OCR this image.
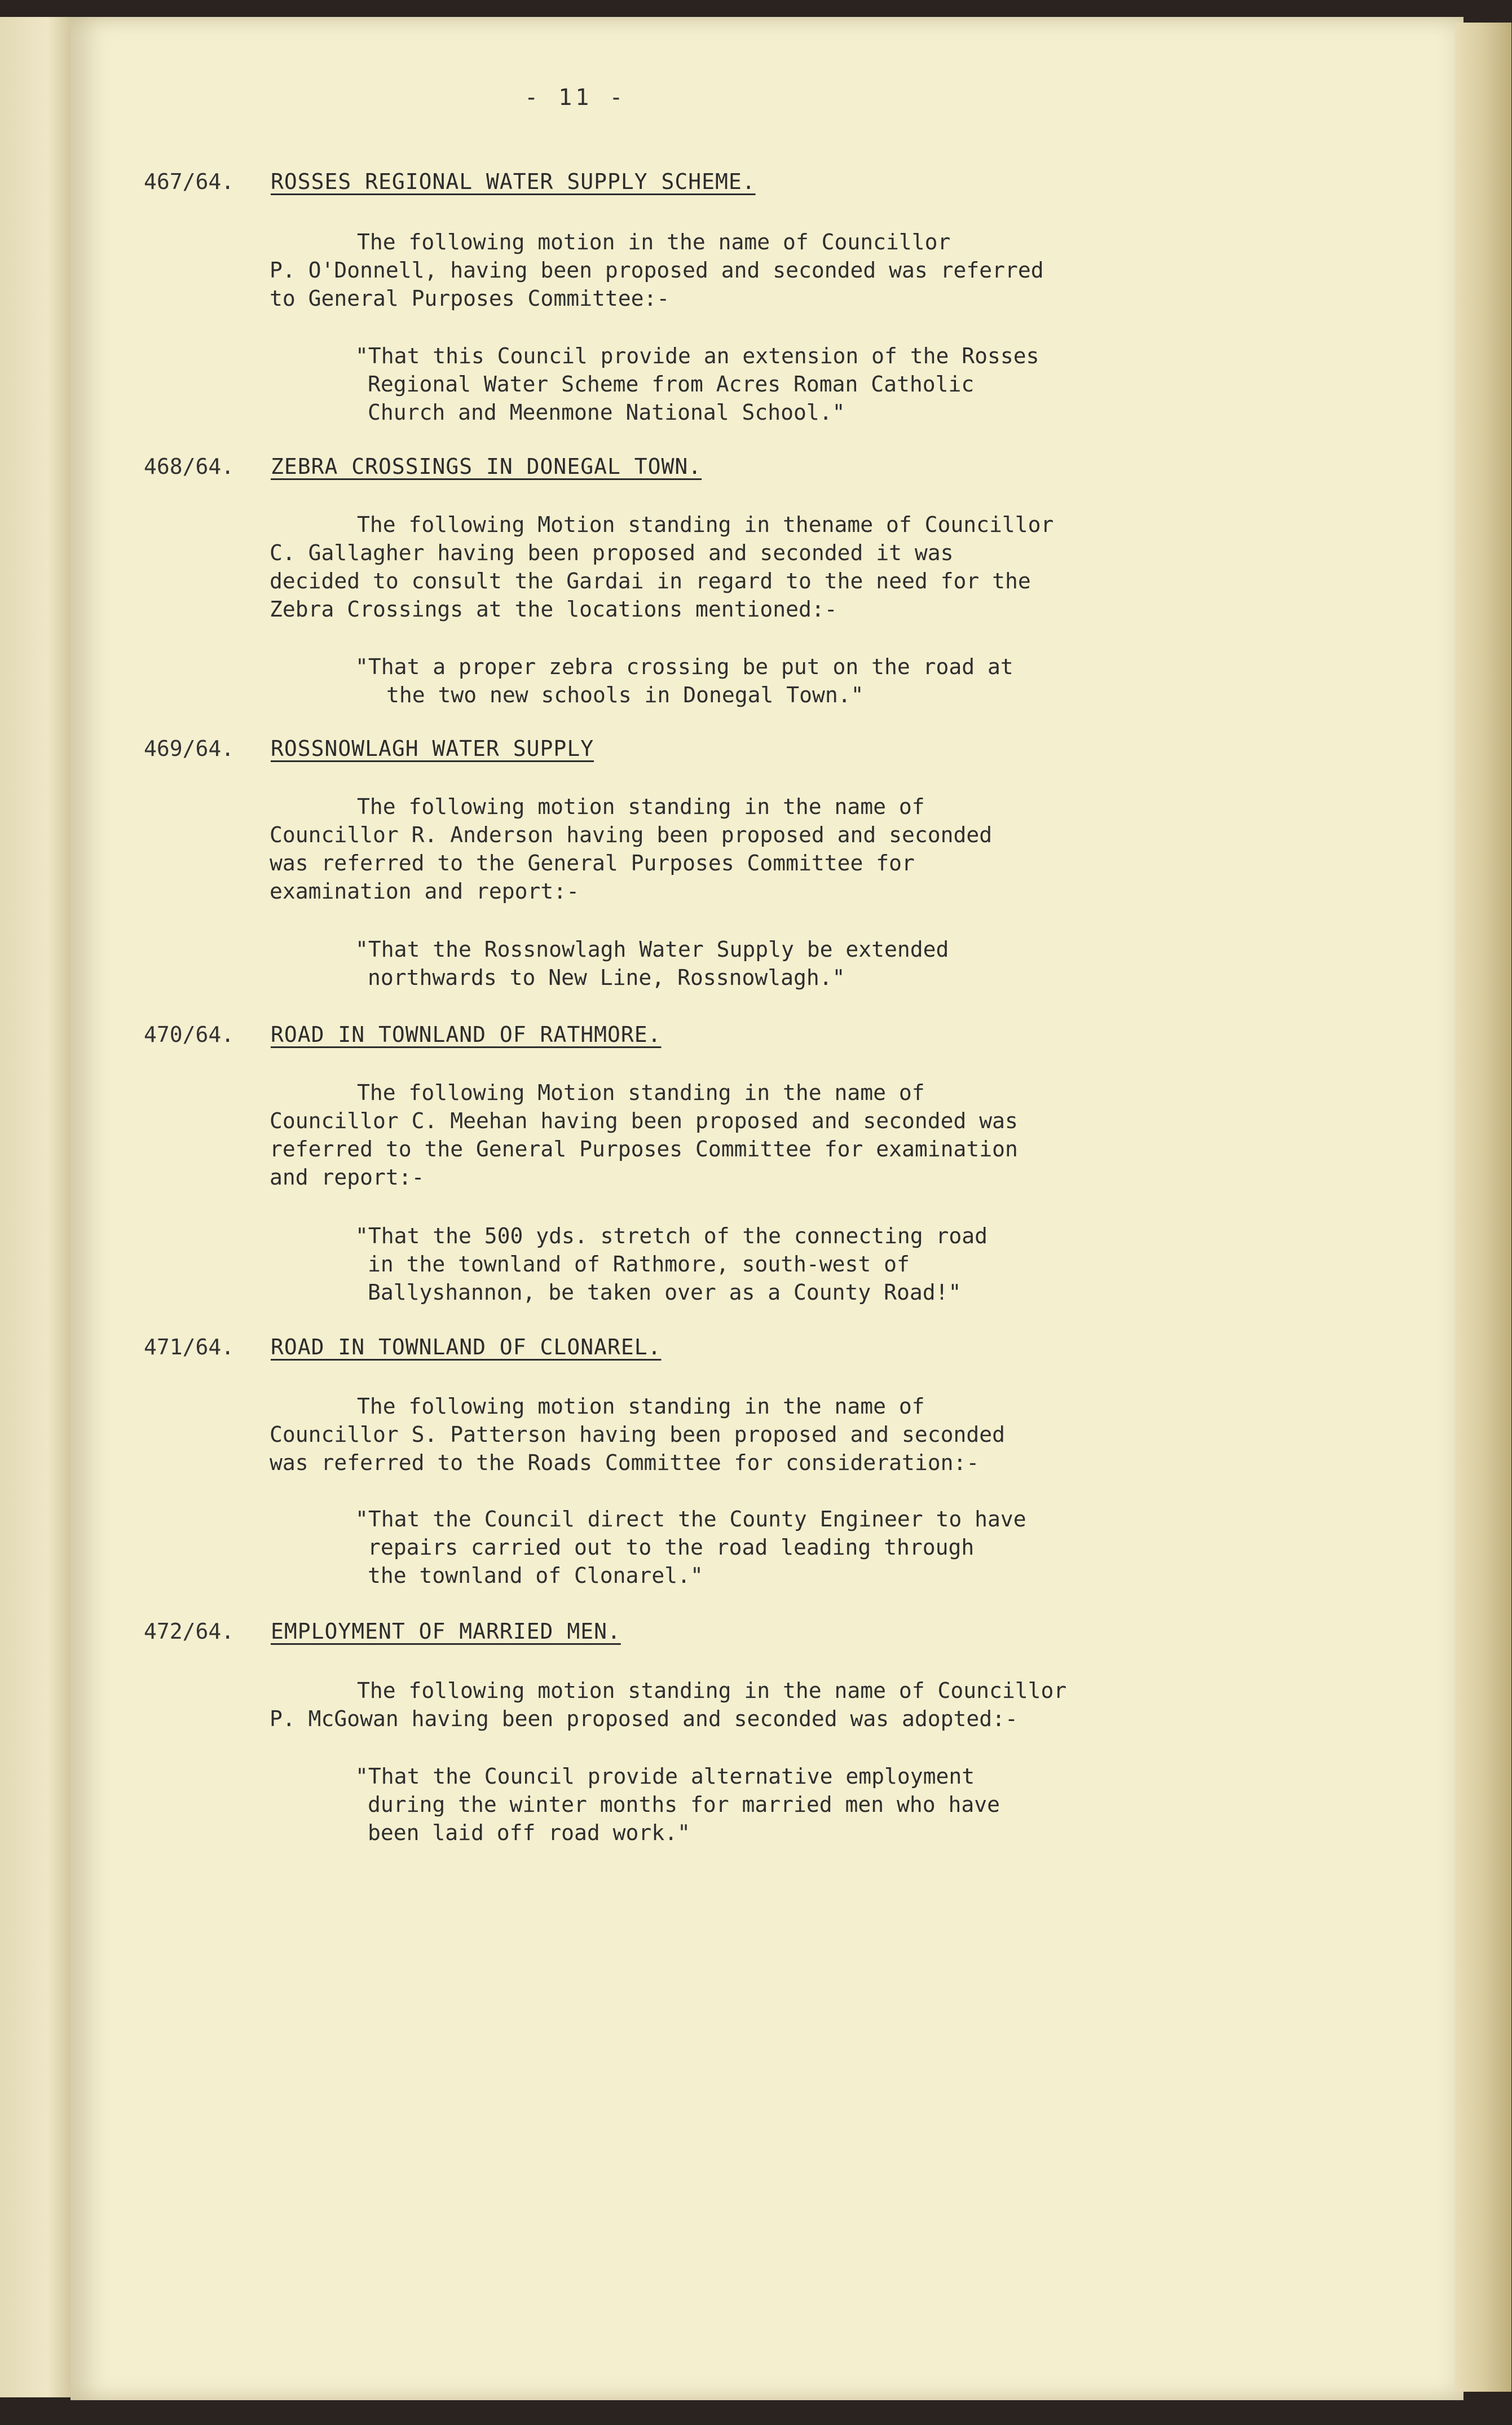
- 11 -
467/64. ROSSES REGIONAL WATER SUPPLY SCHEME.
The following motion in the name of Councillor
P. O'Donnell, having been proposed and seconded was referred
to General Purposes Committee:-
"That this Council provide an extension of the Rosses
Regional Water Scheme from Acres Roman Catholic
Church and Meenmone National School."
468/64. ZEBRA CROSSINGS IN DONEGAL TOWN.
The following Motion standing in thename of Councillor
C. Gallagher having been proposed and seconded it was
decided to consult the Gardai in regard to the need for the
Zebra Crossings at the locations mentioned:-
"That a proper zebra crossing be put on the road at
the two new schools in Donegal Town."
469/64. ROSSNOWLAGH WATER SUPPLY
The following motion standing in the name of
Councillor R. Anderson having been proposed and seconded
was referred to the General Purposes Committee for
examination and report:-
"That the Rossnowlagh Water Supply be extended
northwards to New Line, Rossnowlagh."
470/64. ROAD IN TOWNLAND OF RATHMORE.
The following Motion standing in the name of
Councillor C. Meehan having been proposed and seconded was
referred to the General Purposes Committee for examination
and report:-
"That the 500 yds. stretch of the connecting road
in the townland of Rathmore, south-west of
Ballyshannon, be taken over as a County Road!"
471/64. ROAD IN TOWNLAND OF CLONAREL.
The following motion standing in the name of
Councillor S. Patterson having been proposed and seconded
was referred to the Roads Committee for consideration:-
"That the Council direct the County Engineer to have
repairs carried out to the road leading through
the townland of Clonarel."
472/64. EMPLOYMENT OF MARRIED MEN.
The following motion standing in the name of Councillor
P. McGowan having been proposed and seconded was adopted:-
"That the Council provide alternative employment
during the winter months for married men who have
been laid off road work."
